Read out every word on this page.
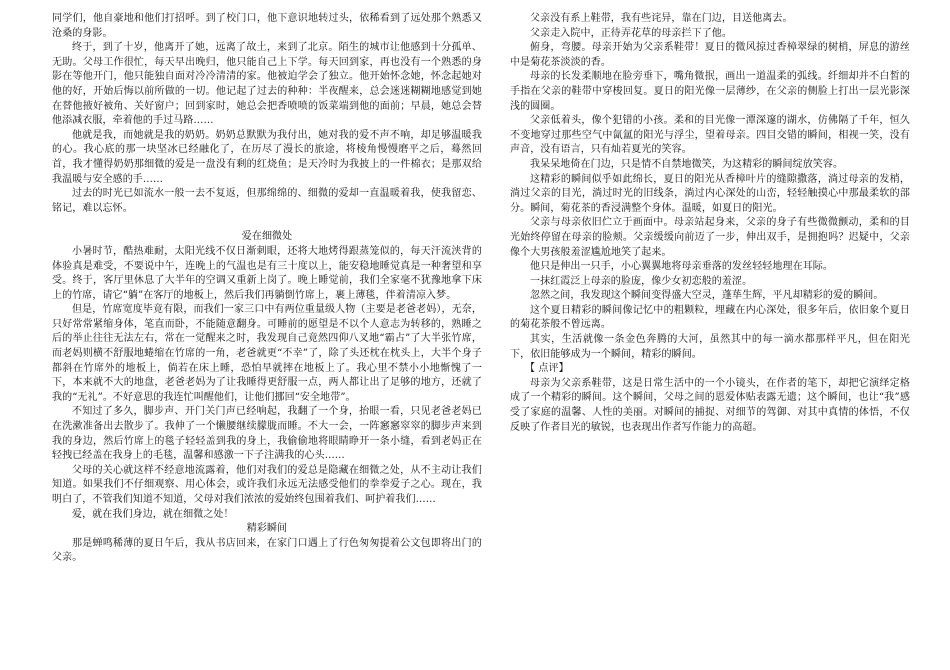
同学们，他自豪地和他们打招呼。到了校门口，他下意识地转过头，依稀看到了远处那个熟悉又沧桑的身影。

终于，到了十岁，他离开了她，远离了故土，来到了北京。陌生的城市让他感到十分孤单、无助。父母工作很忙，每天早出晚归，他只能自己上下学。每天回到家，再也没有一个熟悉的身影在等他开门，他只能独自面对冷冷清清的家。他被迫学会了独立。他开始怀念她，怀念起她对他的好，开始后悔以前所做的一切。他记起了过去的种种：半夜醒来，总会迷迷糊糊地感觉到她在替他掖好被角、关好窗户；回到家时，她总会把香喷喷的饭菜端到他的面前；早晨，她总会替他添减衣服，牵着他的手过马路……

他就是我，而她就是我的奶奶。奶奶总默默为我付出，她对我的爱不声不响，却足够温暖我的心。我心底的那一块坚冰已经融化了，在历尽了漫长的旅途，将棱角慢慢磨平之后，蓦然回首，我才懂得奶奶那细微的爱是一盘没有剩的红烧鱼；是天冷时为我披上的一件棉衣；是那双给我温暖与安全感的手……

过去的时光已如流水一般一去不复返，但那绵绵的、细微的爱却一直温暖着我，使我留恋、铭记，难以忘怀。

爱在细微处

小暑时节，酷热难耐，太阳光线不仅日渐刺眼，还将大地烤得跟蒸笼似的，每天汗流浃背的体验真是难受，不要说中午，连晚上的气温也是有三十度以上，能安稳地睡觉真是一种奢望和享受。终于，客厅里休息了大半年的空调又重新上岗了。晚上睡觉前，我们全家毫不犹豫地拿下床上的竹席，请它“躺”在客厅的地板上，然后我们再躺倒竹席上，裹上薄毯，伴着清凉入梦。

但是，竹席宽度毕竟有限，而我们一家三口中有两位重量级人物（主要是老爸老妈），无奈，只好常常紧缩身体，笔直而卧，不能随意翻身。可睡前的愿望是不以个人意志为转移的，熟睡之后的举止往往无法左右，常在一觉醒来之时，我发现自己竟然四仰八叉地“霸占”了大半张竹席，而老妈则横不舒服地蜷缩在竹席的一角，老爸就更“不幸”了，除了头还枕在枕头上，大半个身子都斜在竹席外的地板上，倘若在床上睡，恐怕早就摔在地板上了。我心里不禁小小地惭愧了一下，本来就不大的地盘，老爸老妈为了让我睡得更舒服一点，两人都让出了足够的地方，还就了我的“无礼”。不好意思的我连忙叫醒他们，让他们挪回“安全地带”。

不知过了多久，脚步声、开门关门声已经响起，我翻了一个身，抬眼一看，只见老爸老妈已在洗漱准备出去散步了。我伸了一个懒腰继续朦胧而睡。不大一会，一阵窸窸窣窣的脚步声来到我的身边，然后竹席上的毯子轻轻盖到我的身上，我偷偷地将眼睛睁开一条小缝，看到老妈正在轻拽已经盖在我身上的毛毯，温馨和感激一下子注满我的心头……

父母的关心就这样不经意地流露着，他们对我们的爱总是隐藏在细微之处，从不主动让我们知道。如果我们不仔细观察、用心体会，或许我们永远无法感受他们的拳拳爱子之心。现在，我明白了，不管我们知道不知道，父母对我们浓浓的爱始终包围着我们、呵护着我们……

爱，就在我们身边，就在细微之处！

精彩瞬间

那是蝉鸣稀薄的夏日午后，我从书店回来，在家门口遇上了行色匆匆提着公文包即将出门的父亲。

父亲没有系上鞋带，我有些诧异，靠在门边，目送他离去。

父亲走入院中，正待弄花草的母亲拦下了他。

俯身，弯腰。母亲开始为父亲系鞋带！夏日的微风掠过香樟翠绿的树梢，屏息的游丝中是菊花茶淡淡的香。

母亲的长发柔顺地在脸旁垂下，嘴角微抿，画出一道温柔的弧线。纤细却并不白皙的手指在父亲的鞋带中穿梭回复。夏日的阳光像一层薄纱，在父亲的侧脸上打出一层光影深浅的圆圈。

父亲低着头，像个犯错的小孩。柔和的目光像一潭深邃的湖水，仿佛隔了千年，恒久不变地穿过那些空气中氤氲的阳光与浮尘，望着母亲。四目交错的瞬间，相视一笑，没有声音，没有语言，只有灿若夏光的笑容。

我呆呆地倚在门边，只是情不自禁地微笑，为这精彩的瞬间绽放笑容。

这精彩的瞬间似乎如此绵长，夏日的阳光从香樟叶片的缝隙撒落，淌过母亲的发梢，淌过父亲的目光，淌过时光的旧线条，淌过内心深处的山峦，轻轻触摸心中那最柔软的部分。瞬间，菊花茶的香浸满整个身体。温暖，如夏日的阳光。

父亲与母亲依旧伫立于画面中。母亲站起身来，父亲的身子有些微微颤动，柔和的目光始终停留在母亲的脸颊。父亲缓缓向前迈了一步，伸出双手，是拥抱吗？迟疑中，父亲像个大男孩般羞涩尴尬地笑了起来。

他只是伸出一只手，小心翼翼地将母亲垂落的发丝轻轻地理在耳际。

一抹红霞泛上母亲的脸庞，像少女初恋般的羞涩。

忽然之间，我发现这个瞬间变得盛大空灵，蓬荜生辉，平凡却精彩的爱的瞬间。

这个夏日精彩的瞬间像记忆中的粗颗粒，埋藏在内心深处，很多年后，依旧象个夏日的菊花茶般不曾远离。

其实，生活就像一条金色奔腾的大河，虽然其中的每一滴水都那样平凡，但在阳光下，依旧能够成为一个瞬间，精彩的瞬间。

【 点评】

母亲为父亲系鞋带，这是日常生活中的一个小镜头，在作者的笔下，却把它演绎定格成了一个精彩的瞬间。这个瞬间，父母之间的恩爱体贴表露无遗；这个瞬间，也让“我”感受了家庭的温馨、人性的美丽。对瞬间的捕捉、对细节的驾御、对其中真情的体悟，不仅反映了作者目光的敏锐，也表现出作者写作能力的高超。
